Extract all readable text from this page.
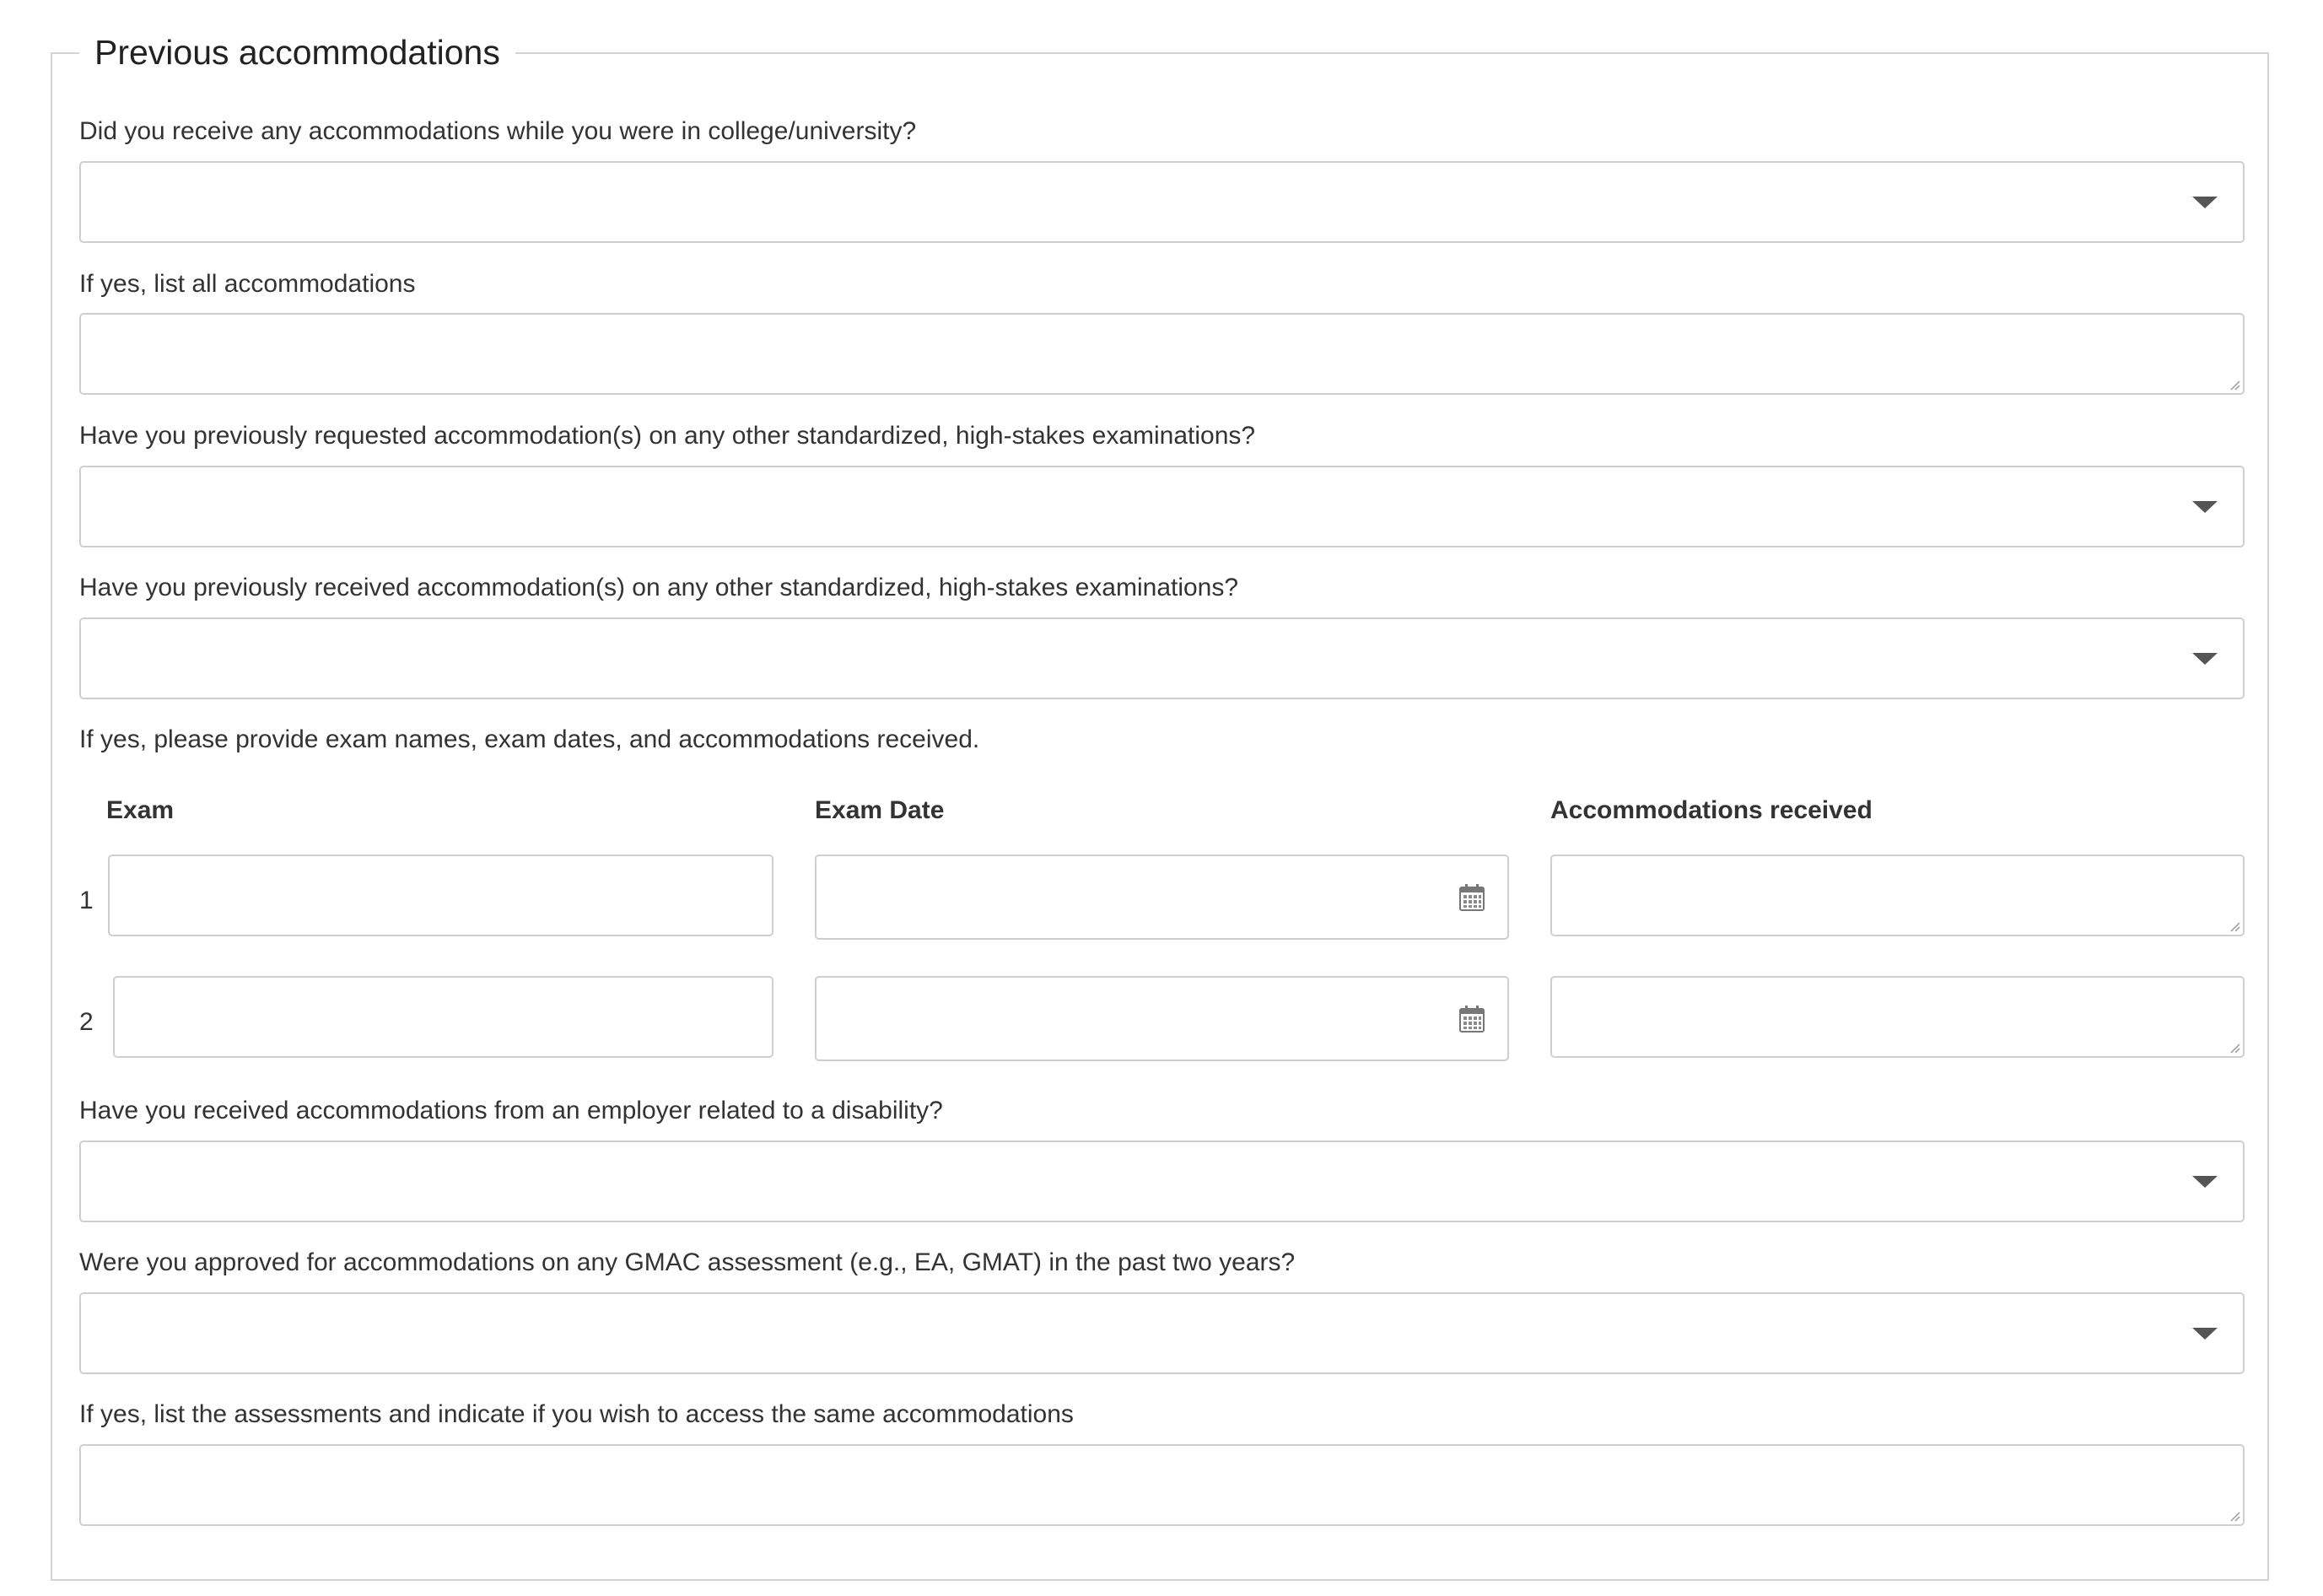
Previous accommodations
Did you receive any accommodations while you were in college/university?
If yes, list all accommodations
Have you previously requested accommodation(s) on any other standardized, high-stakes examinations?
Have you previously received accommodation(s) on any other standardized, high-stakes examinations?
If yes, please provide exam names, exam dates, and accommodations received.
Exam	Exam Date	Accommodations received
1
2
Have you received accommodations from an employer related to a disability?
Were you approved for accommodations on any GMAC assessment (e.g., EA, GMAT) in the past two years?
If yes, list the assessments and indicate if you wish to access the same accommodations
